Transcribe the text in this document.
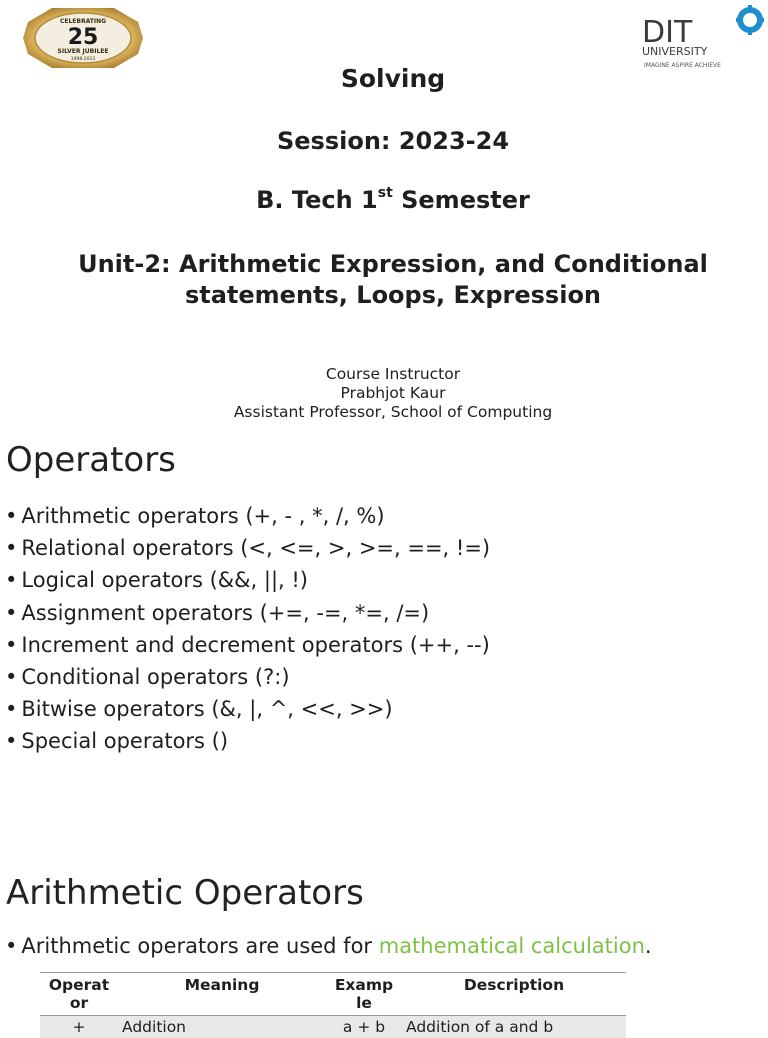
CELEBRATING
25
SILVER JUBILEE
1998-2023
DIT
UNIVERSITY
IMAGINE ASPIRE ACHIEVE
Solving
Session: 2023-24
B. Tech 1st Semester
Unit-2: Arithmetic Expression, and Conditional statements, Loops, Expression
Course Instructor
Prabhjot Kaur
Assistant Professor, School of Computing
Operators
• Arithmetic operators (+, - , *, /, %)
• Relational operators (<, <=, >, >=, ==, !=)
• Logical operators (&&, ||, !)
• Assignment operators (+=, -=, *=, /=)
• Increment and decrement operators (++, --)
• Conditional operators (?:)
• Bitwise operators (&, |, ^, <<, >>)
• Special operators ()
Arithmetic Operators
• Arithmetic operators are used for mathematical calculation.
Operat or	Meaning	Examp le	Description
+	Addition	a + b	Addition of a and b
